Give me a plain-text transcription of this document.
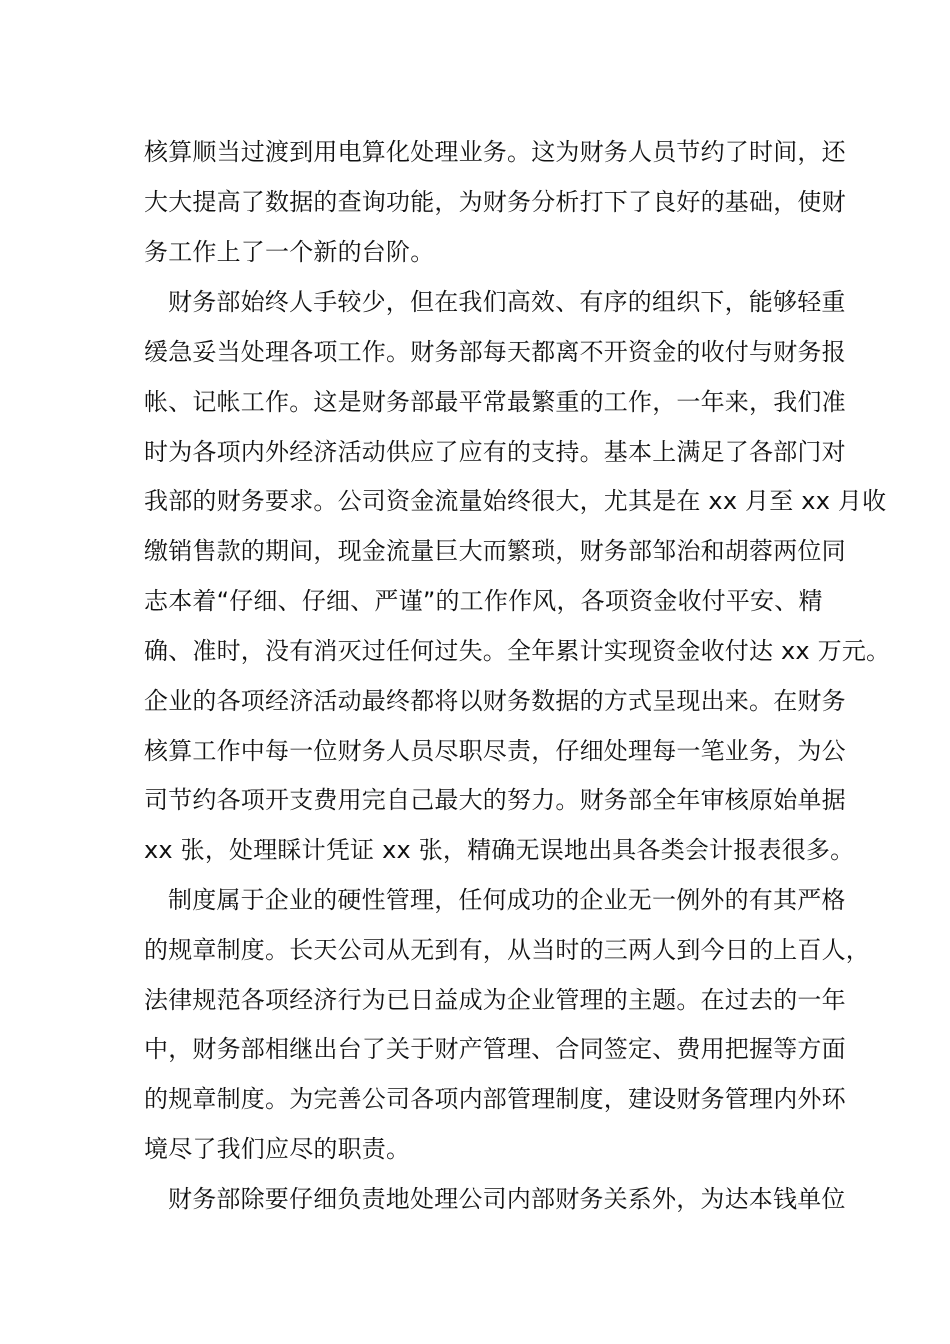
核算顺当过渡到用电算化处理业务。这为财务人员节约了时间，还
大大提高了数据的查询功能，为财务分析打下了良好的基础，使财
务工作上了一个新的台阶。
财务部始终人手较少，但在我们高效、有序的组织下，能够轻重
缓急妥当处理各项工作。财务部每天都离不开资金的收付与财务报
帐、记帐工作。这是财务部最平常最繁重的工作，一年来，我们准
时为各项内外经济活动供应了应有的支持。基本上满足了各部门对
我部的财务要求。公司资金流量始终很大，尤其是在 xx 月至 xx 月收
缴销售款的期间，现金流量巨大而繁琐，财务部邹治和胡蓉两位同
志本着“仔细、仔细、严谨”的工作作风，各项资金收付平安、精
确、准时，没有消灭过任何过失。全年累计实现资金收付达 xx 万元。
企业的各项经济活动最终都将以财务数据的方式呈现出来。在财务
核算工作中每一位财务人员尽职尽责，仔细处理每一笔业务，为公
司节约各项开支费用完自己最大的努力。财务部全年审核原始单据
xx 张，处理睬计凭证 xx 张，精确无误地出具各类会计报表很多。
制度属于企业的硬性管理，任何成功的企业无一例外的有其严格
的规章制度。长天公司从无到有，从当时的三两人到今日的上百人，
法律规范各项经济行为已日益成为企业管理的主题。在过去的一年
中，财务部相继出台了关于财产管理、合同签定、费用把握等方面
的规章制度。为完善公司各项内部管理制度，建设财务管理内外环
境尽了我们应尽的职责。
财务部除要仔细负责地处理公司内部财务关系外，为达本钱单位
